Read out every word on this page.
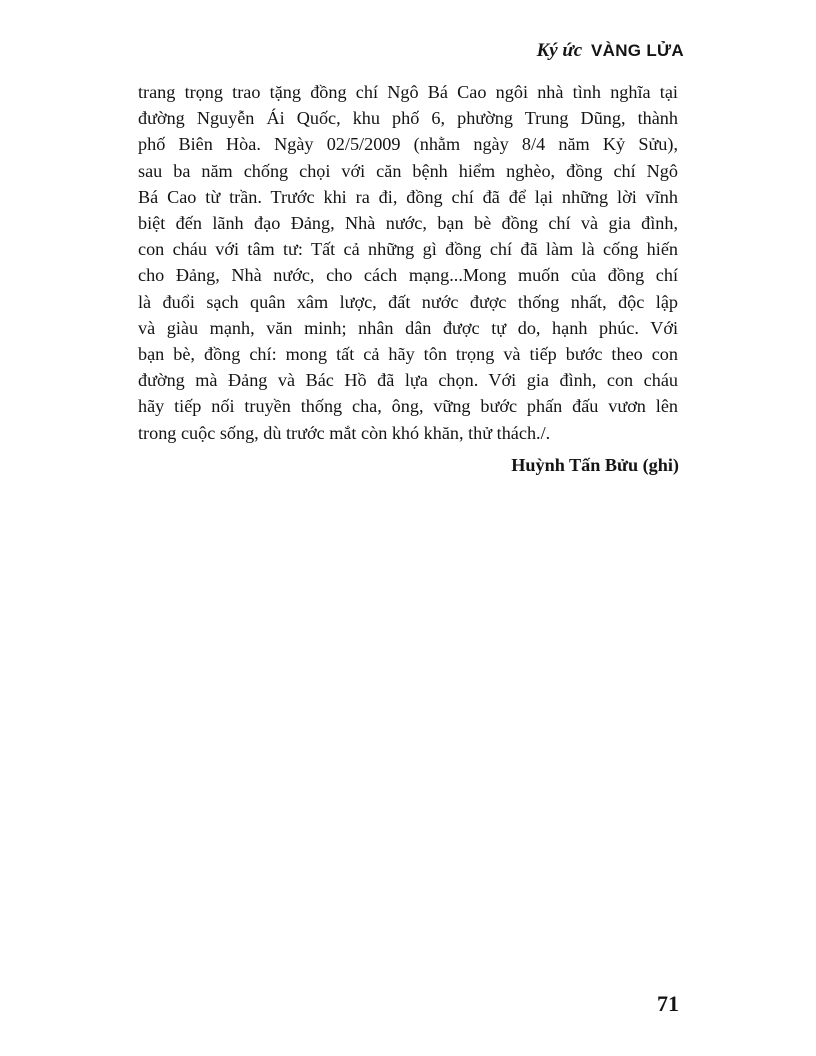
Ký ức VÀNG LỬA
trang trọng trao tặng đồng chí Ngô Bá Cao ngôi nhà tình nghĩa tại
đường Nguyễn Ái Quốc, khu phố 6, phường Trung Dũng, thành
phố Biên Hòa. Ngày 02/5/2009 (nhằm ngày 8/4 năm Kỷ Sửu),
sau ba năm chống chọi với căn bệnh hiểm nghèo, đồng chí Ngô
Bá Cao từ trần. Trước khi ra đi, đồng chí đã để lại những lời vĩnh
biệt đến lãnh đạo Đảng, Nhà nước, bạn bè đồng chí và gia đình,
con cháu với tâm tư: Tất cả những gì đồng chí đã làm là cống hiến
cho Đảng, Nhà nước, cho cách mạng...Mong muốn của đồng chí
là đuổi sạch quân xâm lược, đất nước được thống nhất, độc lập
và giàu mạnh, văn minh; nhân dân được tự do, hạnh phúc. Với
bạn bè, đồng chí: mong tất cả hãy tôn trọng và tiếp bước theo con
đường mà Đảng và Bác Hồ đã lựa chọn. Với gia đình, con cháu
hãy tiếp nối truyền thống cha, ông, vững bước phấn đấu vươn lên
trong cuộc sống, dù trước mắt còn khó khăn, thử thách./.
Huỳnh Tấn Bửu (ghi)
71
